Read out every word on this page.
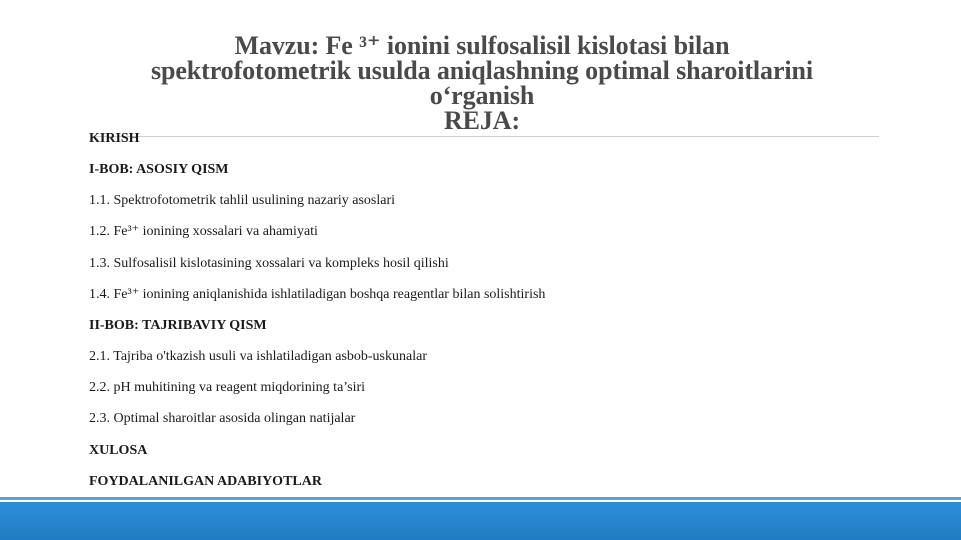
Mavzu: Fe ³⁺ ionini sulfosalisil kislotasi bilan
spektrofotometrik usulda aniqlashning optimal sharoitlarini
o‘rganish
REJA:
KIRISH
I-BOB: ASOSIY QISM
1.1. Spektrofotometrik tahlil usulining nazariy asoslari
1.2. Fe³⁺ ionining xossalari va ahamiyati
1.3. Sulfosalisil kislotasining xossalari va kompleks hosil qilishi
1.4. Fe³⁺ ionining aniqlanishida ishlatiladigan boshqa reagentlar bilan solishtirish
II-BOB: TAJRIBAVIY QISM
2.1. Tajriba o'tkazish usuli va ishlatiladigan asbob-uskunalar
2.2. pH muhitining va reagent miqdorining ta’siri
2.3. Optimal sharoitlar asosida olingan natijalar
XULOSA
FOYDALANILGAN ADABIYOTLAR
